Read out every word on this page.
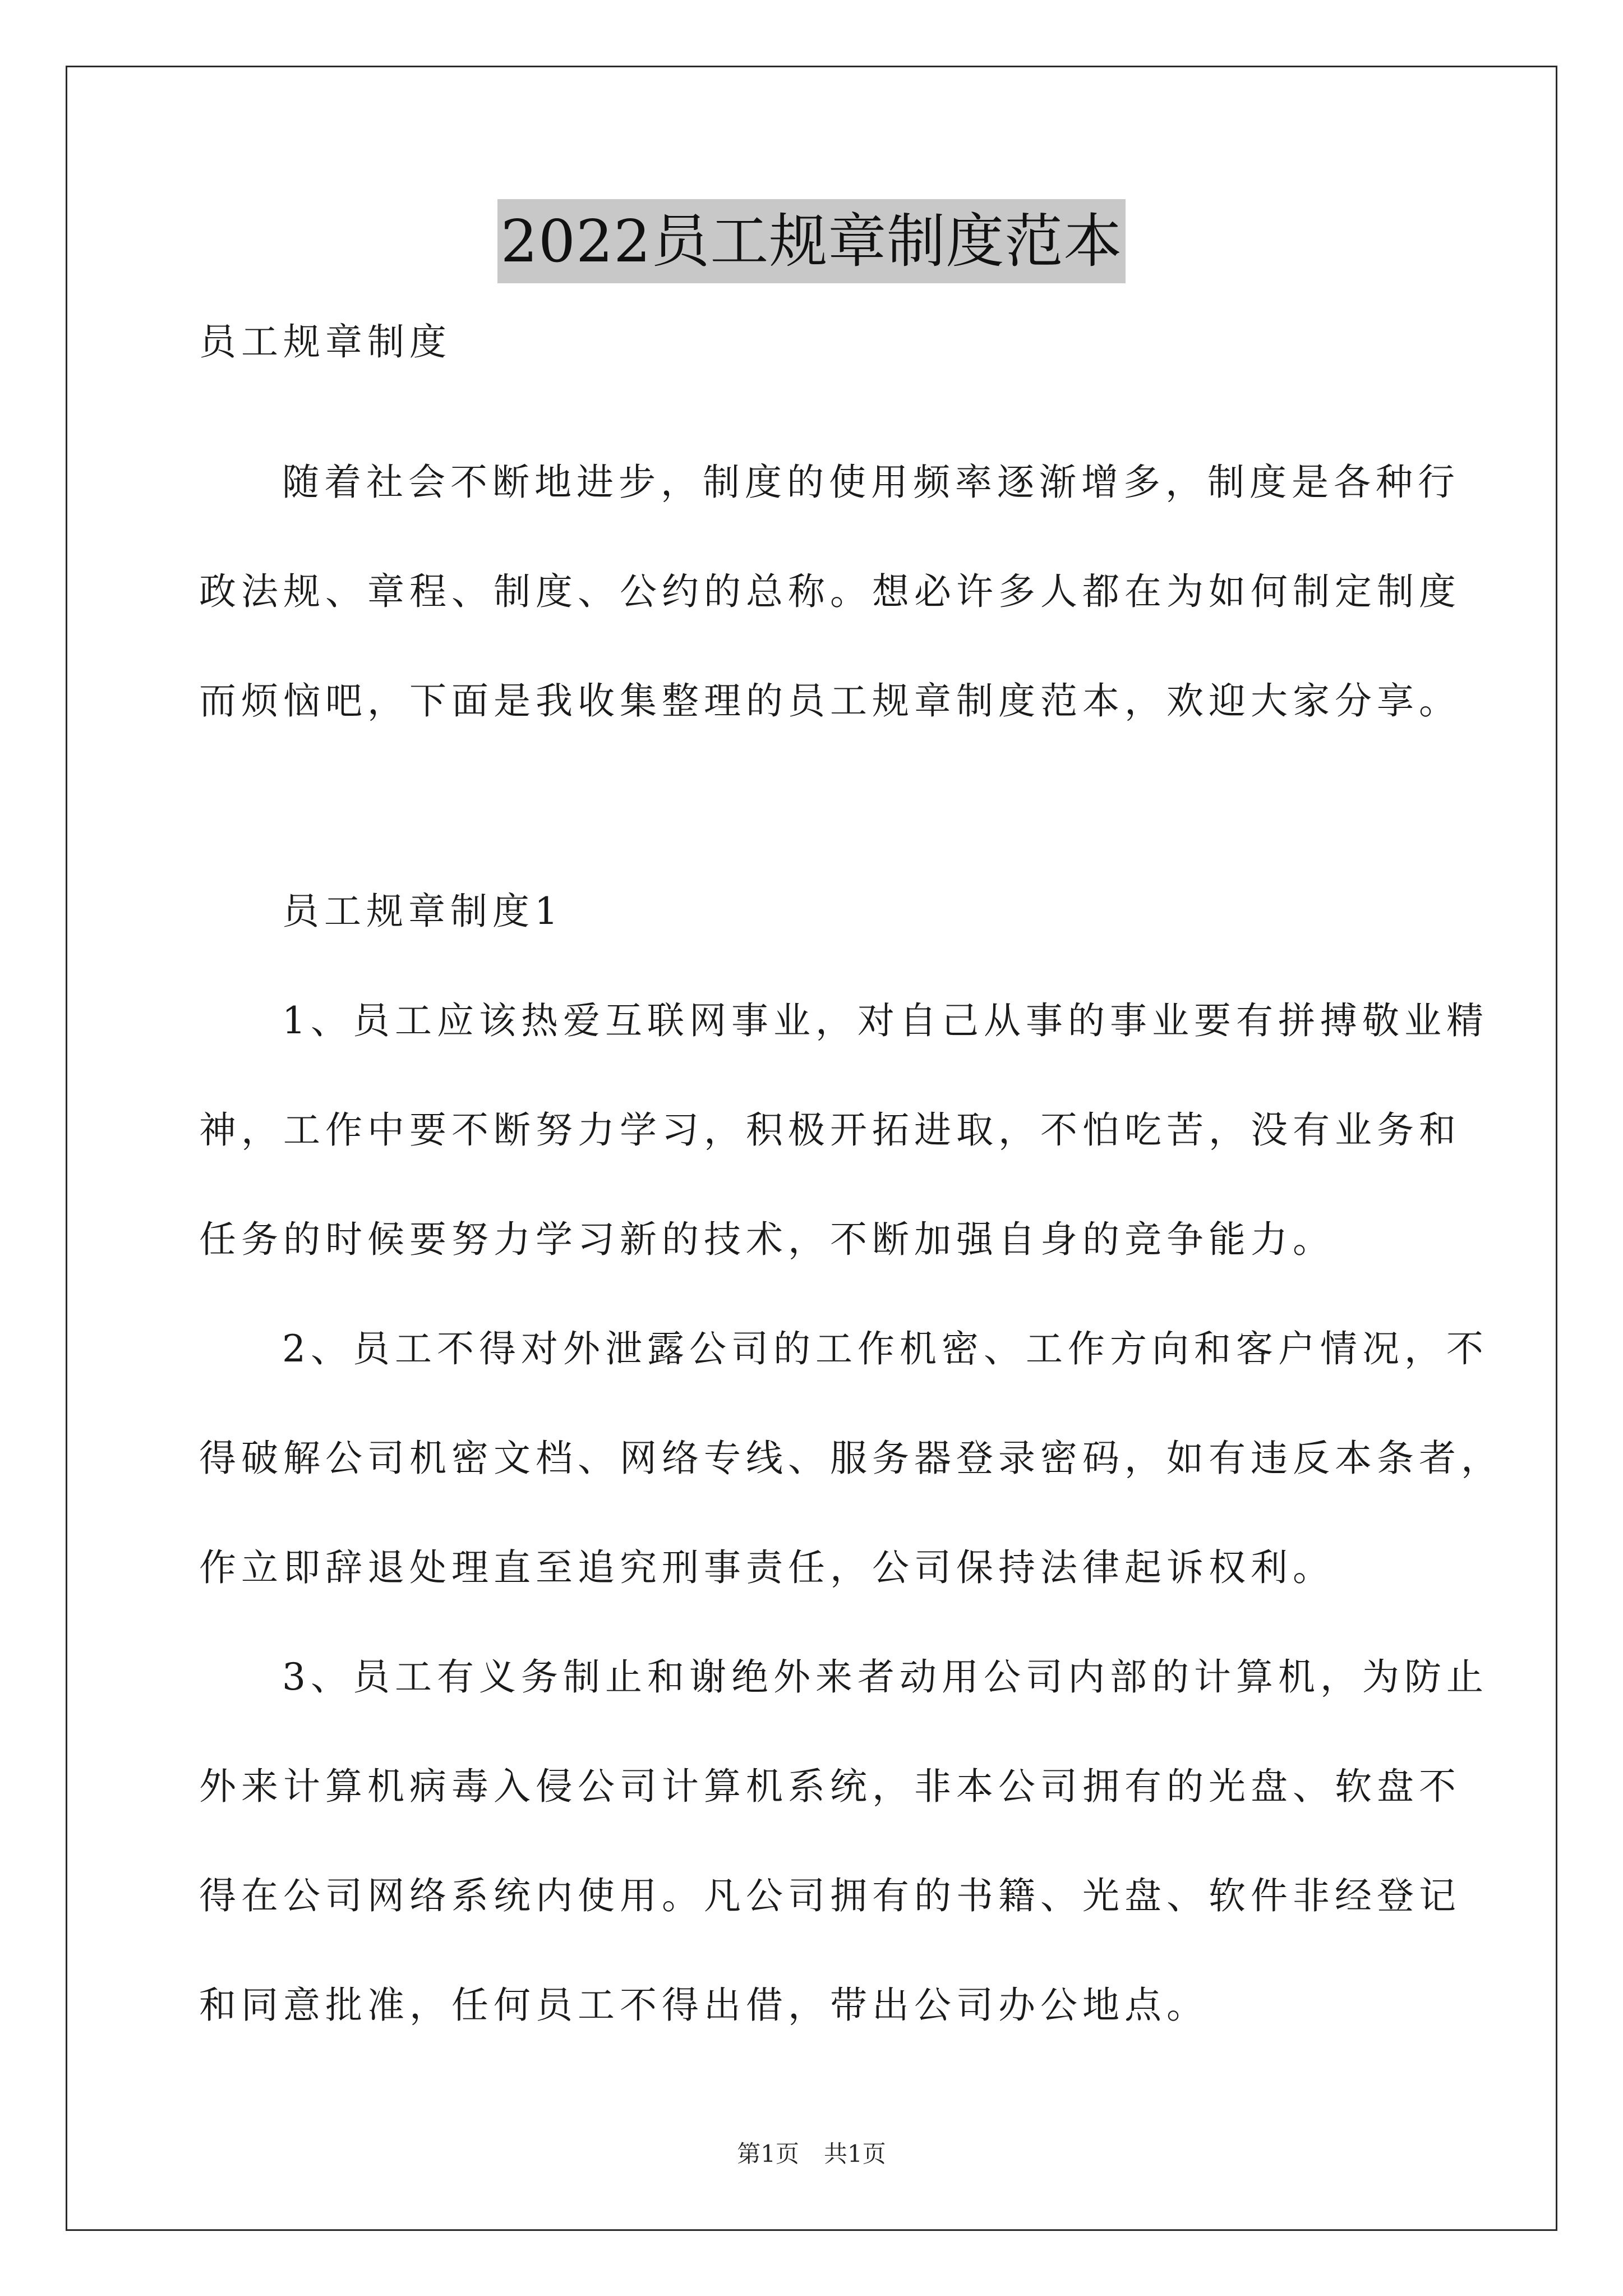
2022员工规章制度范本
员工规章制度
随着社会不断地进步，制度的使用频率逐渐增多，制度是各种行
政法规、章程、制度、公约的总称。想必许多人都在为如何制定制度
而烦恼吧，下面是我收集整理的员工规章制度范本，欢迎大家分享。
员工规章制度1
1、员工应该热爱互联网事业，对自己从事的事业要有拼搏敬业精
神，工作中要不断努力学习，积极开拓进取，不怕吃苦，没有业务和
任务的时候要努力学习新的技术，不断加强自身的竞争能力。
2、员工不得对外泄露公司的工作机密、工作方向和客户情况，不
得破解公司机密文档、网络专线、服务器登录密码，如有违反本条者，
作立即辞退处理直至追究刑事责任，公司保持法律起诉权利。
3、员工有义务制止和谢绝外来者动用公司内部的计算机，为防止
外来计算机病毒入侵公司计算机系统，非本公司拥有的光盘、软盘不
得在公司网络系统内使用。凡公司拥有的书籍、光盘、软件非经登记
和同意批准，任何员工不得出借，带出公司办公地点。
第1页 共1页
